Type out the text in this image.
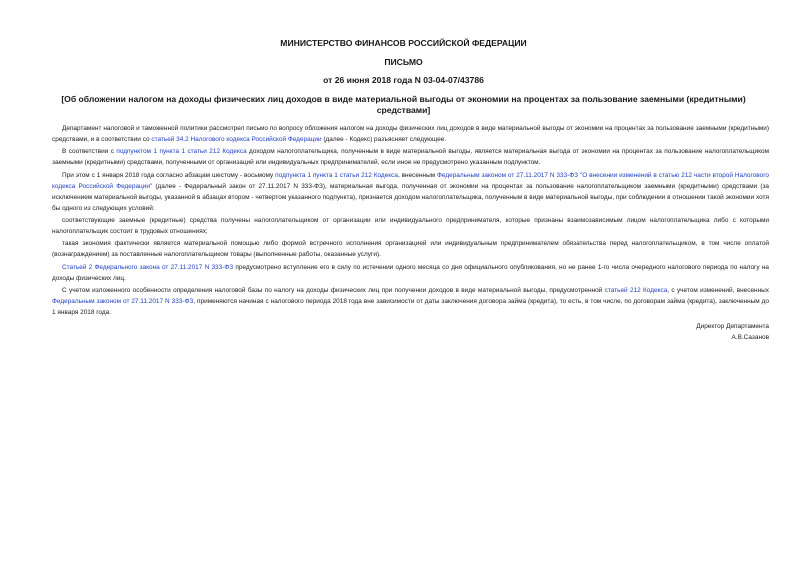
МИНИСТЕРСТВО ФИНАНСОВ РОССИЙСКОЙ ФЕДЕРАЦИИ
ПИСЬМО
от 26 июня 2018 года N 03-04-07/43786
[Об обложении налогом на доходы физических лиц доходов в виде материальной выгоды от экономии на процентах за пользование заемными (кредитными) средствами]

Департамент налоговой и таможенной политики рассмотрел письмо по вопросу обложения налогом на доходы физических лиц доходов в виде материальной выгоды от экономии на процентах за пользование заемными (кредитными) средствами, и в соответствии со статьей 34.2 Налогового кодекса Российской Федерации (далее - Кодекс) разъясняет следующее.

В соответствии с подпунктом 1 пункта 1 статьи 212 Кодекса доходом налогоплательщика, полученным в виде материальной выгоды, является материальная выгода от экономии на процентах за пользование налогоплательщиком заемными (кредитными) средствами, полученными от организаций или индивидуальных предпринимателей, если иное не предусмотрено указанным подпунктом.

При этом с 1 января 2018 года согласно абзацам шестому - восьмому подпункта 1 пункта 1 статьи 212 Кодекса, внесенным Федеральным законом от 27.11.2017 N 333-ФЗ "О внесении изменений в статью 212 части второй Налогового кодекса Российской Федерации" (далее - Федеральный закон от 27.11.2017 N 333-ФЗ), материальная выгода, полученная от экономии на процентах за пользование налогоплательщиком заемными (кредитными) средствами (за исключением материальной выгоды, указанной в абзацах втором - четвертом указанного подпункта), признается доходом налогоплательщика, полученным в виде материальной выгоды, при соблюдении в отношении такой экономии хотя бы одного из следующих условий:

соответствующие заемные (кредитные) средства получены налогоплательщиком от организации или индивидуального предпринимателя, которые признаны взаимозависимым лицом налогоплательщика либо с которыми налогоплательщик состоит в трудовых отношениях;

такая экономия фактически является материальной помощью либо формой встречного исполнения организацией или индивидуальным предпринимателем обязательства перед налогоплательщиком, в том числе оплатой (вознаграждением) за поставленные налогоплательщиком товары (выполненные работы, оказанные услуги).

Статьей 2 Федерального закона от 27.11.2017 N 333-ФЗ предусмотрено вступление его в силу по истечении одного месяца со дня официального опубликования, но не ранее 1-го числа очередного налогового периода по налогу на доходы физических лиц.

С учетом изложенного особенности определения налоговой базы по налогу на доходы физических лиц при получении доходов в виде материальной выгоды, предусмотренной статьей 212 Кодекса, с учетом изменений, внесенных Федеральным законом от 27.11.2017 N 333-ФЗ, применяются начиная с налогового периода 2018 года вне зависимости от даты заключения договора займа (кредита), то есть, в том числе, по договорам займа (кредита), заключенным до 1 января 2018 года.

Директор Департамента

А.В.Сазанов
